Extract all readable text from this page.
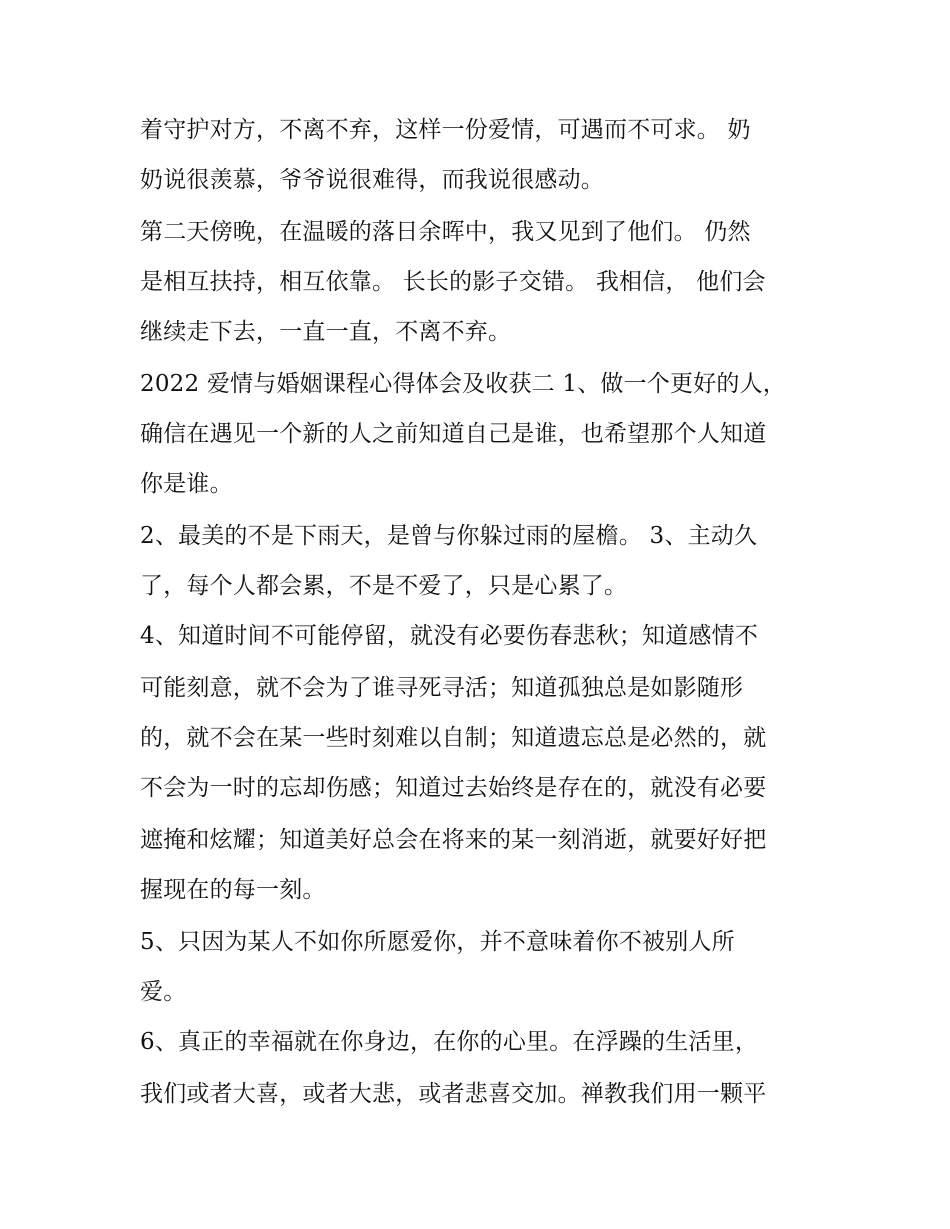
着守护对方，不离不弃，这样一份爱情，可遇而不可求。 奶
奶说很羡慕，爷爷说很难得，而我说很感动。
第二天傍晚，在温暖的落日余晖中，我又见到了他们。 仍然
是相互扶持，相互依靠。 长长的影子交错。 我相信， 他们会
继续走下去，一直一直，不离不弃。
2022 爱情与婚姻课程心得体会及收获二 1、做一个更好的人，
确信在遇见一个新的人之前知道自己是谁，也希望那个人知道
你是谁。
2、最美的不是下雨天，是曾与你躲过雨的屋檐。 3、主动久
了，每个人都会累，不是不爱了，只是心累了。
4、知道时间不可能停留，就没有必要伤春悲秋；知道感情不
可能刻意，就不会为了谁寻死寻活；知道孤独总是如影随形
的，就不会在某一些时刻难以自制；知道遗忘总是必然的，就
不会为一时的忘却伤感；知道过去始终是存在的，就没有必要
遮掩和炫耀；知道美好总会在将来的某一刻消逝，就要好好把
握现在的每一刻。
5、只因为某人不如你所愿爱你，并不意味着你不被别人所
爱。
6、真正的幸福就在你身边，在你的心里。在浮躁的生活里，
我们或者大喜，或者大悲，或者悲喜交加。禅教我们用一颗平
